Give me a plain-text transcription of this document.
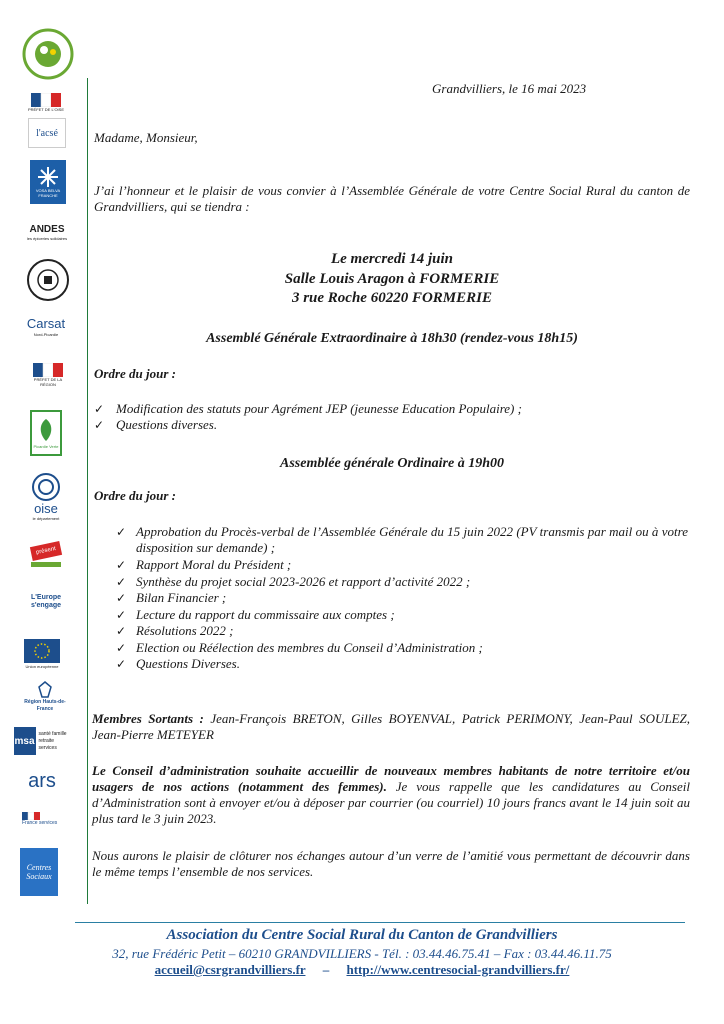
PRÉFET DE L'OISE
l'acsé
VOSA BELVA FRANCHE
ANDES
les épiceries solidaires
Carsat
Nord-Picardie
PRÉFET DE LA RÉGION
Picardie Verte
oise
le département
présent
L'Europe s'engage
Union européenne
Région Hauts-de-France
msa
santé famille retraite services
ars
France services
Centres Sociaux
Grandvilliers, le 16 mai 2023
Madame, Monsieur,
J’ai l’honneur et le plaisir de vous convier à l’Assemblée Générale de votre Centre Social Rural du canton de Grandvilliers, qui se tiendra :
Le mercredi 14 juin
Salle Louis Aragon à FORMERIE
3 rue Roche 60220 FORMERIE
Assemblé Générale Extraordinaire à 18h30 (rendez-vous 18h15)
Ordre du jour :
✓ Modification des statuts pour Agrément JEP (jeunesse Education Populaire) ;
✓ Questions diverses.
Assemblée générale Ordinaire à 19h00
Ordre du jour :
✓ Approbation du Procès-verbal de l’Assemblée Générale du 15 juin 2022 (PV transmis par mail ou à votre disposition sur demande) ;
✓ Rapport Moral du Président ;
✓ Synthèse du projet social 2023-2026 et rapport d’activité 2022 ;
✓ Bilan Financier ;
✓ Lecture du rapport du commissaire aux comptes ;
✓ Résolutions 2022 ;
✓ Election ou Réélection des membres du Conseil d’Administration ;
✓ Questions Diverses.
Membres Sortants : Jean-François BRETON, Gilles BOYENVAL, Patrick PERIMONY, Jean-Paul SOULEZ, Jean-Pierre METEYER
Le Conseil d’administration souhaite accueillir de nouveaux membres habitants de notre territoire et/ou usagers de nos actions (notamment des femmes). Je vous rappelle que les candidatures au Conseil d’Administration sont à envoyer et/ou à déposer par courrier (ou courriel) 10 jours francs avant le 14 juin soit au plus tard le 3 juin 2023.
Nous aurons le plaisir de clôturer nos échanges autour d’un verre de l’amitié vous permettant de découvrir dans le même temps l’ensemble de nos services.
Association du Centre Social Rural du Canton de Grandvilliers
32, rue Frédéric Petit – 60210 GRANDVILLIERS - Tél. : 03.44.46.75.41 – Fax : 03.44.46.11.75
accueil@csrgrandvilliers.fr – http://www.centresocial-grandvilliers.fr/
